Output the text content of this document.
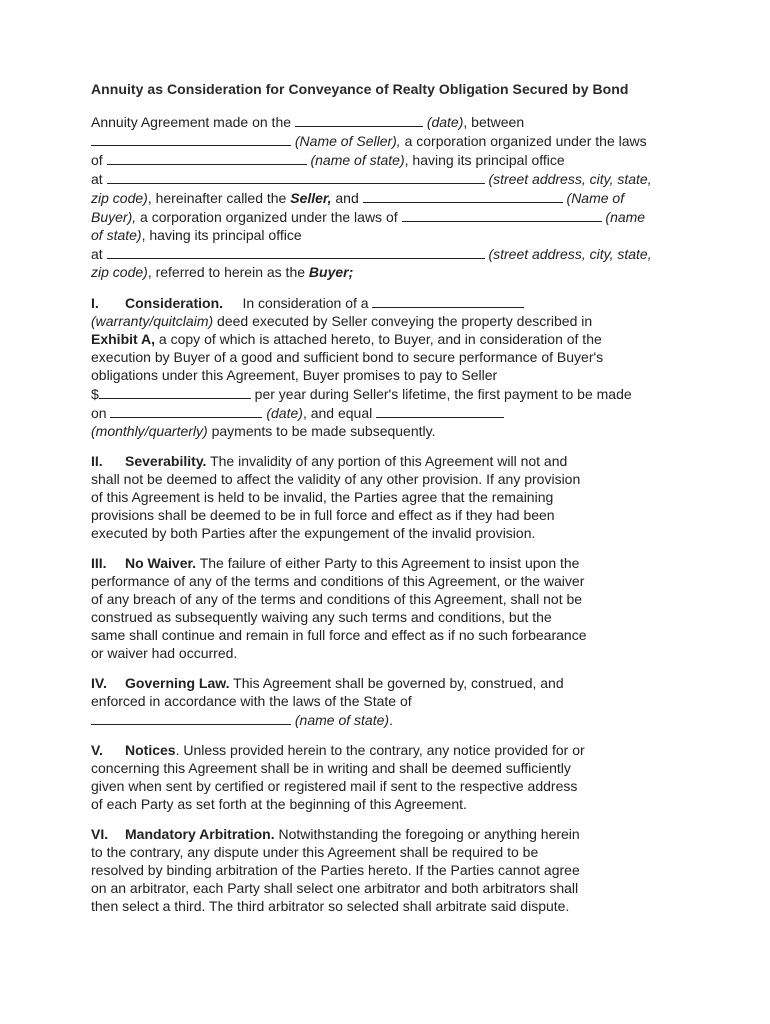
Annuity as Consideration for Conveyance of Realty Obligation Secured by Bond

Annuity Agreement made on the	(date), between
(Name of Seller), a corporation organized under the laws
of	(name of state), having its principal office
at	(street address, city, state,
zip code), hereinafter called the Seller, and	(Name of
Buyer), a corporation organized under the laws of	(name
of state), having its principal office
at	(street address, city, state,
zip code), referred to herein as the Buyer;

I. Consideration. In consideration of a
(warranty/quitclaim) deed executed by Seller conveying the property described in
Exhibit A, a copy of which is attached hereto, to Buyer, and in consideration of the
execution by Buyer of a good and sufficient bond to secure performance of Buyer's
obligations under this Agreement, Buyer promises to pay to Seller
$	per year during Seller's lifetime, the first payment to be made
on	(date), and equal
(monthly/quarterly) payments to be made subsequently.

II. Severability. The invalidity of any portion of this Agreement will not and
shall not be deemed to affect the validity of any other provision. If any provision
of this Agreement is held to be invalid, the Parties agree that the remaining
provisions shall be deemed to be in full force and effect as if they had been
executed by both Parties after the expungement of the invalid provision.

III. No Waiver. The failure of either Party to this Agreement to insist upon the
performance of any of the terms and conditions of this Agreement, or the waiver
of any breach of any of the terms and conditions of this Agreement, shall not be
construed as subsequently waiving any such terms and conditions, but the
same shall continue and remain in full force and effect as if no such forbearance
or waiver had occurred.

IV. Governing Law. This Agreement shall be governed by, construed, and
enforced in accordance with the laws of the State of
(name of state).

V. Notices. Unless provided herein to the contrary, any notice provided for or
concerning this Agreement shall be in writing and shall be deemed sufficiently
given when sent by certified or registered mail if sent to the respective address
of each Party as set forth at the beginning of this Agreement.

VI. Mandatory Arbitration. Notwithstanding the foregoing or anything herein
to the contrary, any dispute under this Agreement shall be required to be
resolved by binding arbitration of the Parties hereto. If the Parties cannot agree
on an arbitrator, each Party shall select one arbitrator and both arbitrators shall
then select a third. The third arbitrator so selected shall arbitrate said dispute.
